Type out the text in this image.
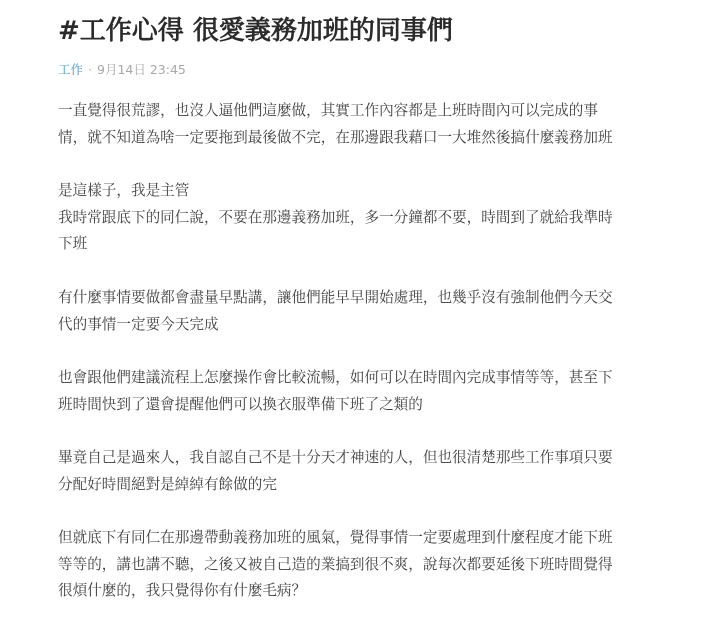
#工作心得 很愛義務加班的同事們
工作 · 9月14日 23:45
一直覺得很荒謬，也沒人逼他們這麼做，其實工作內容都是上班時間內可以完成的事
情，就不知道為啥一定要拖到最後做不完，在那邊跟我藉口一大堆然後搞什麼義務加班
是這樣子，我是主管
我時常跟底下的同仁說，不要在那邊義務加班，多一分鐘都不要，時間到了就給我準時
下班
有什麼事情要做都會盡量早點講，讓他們能早早開始處理，也幾乎沒有強制他們今天交
代的事情一定要今天完成
也會跟他們建議流程上怎麼操作會比較流暢，如何可以在時間內完成事情等等，甚至下
班時間快到了還會提醒他們可以換衣服準備下班了之類的
畢竟自己是過來人，我自認自己不是十分天才神速的人，但也很清楚那些工作事項只要
分配好時間絕對是綽綽有餘做的完
但就底下有同仁在那邊帶動義務加班的風氣，覺得事情一定要處理到什麼程度才能下班
等等的，講也講不聽，之後又被自己造的業搞到很不爽，說每次都要延後下班時間覺得
很煩什麼的，我只覺得你有什麼毛病？
